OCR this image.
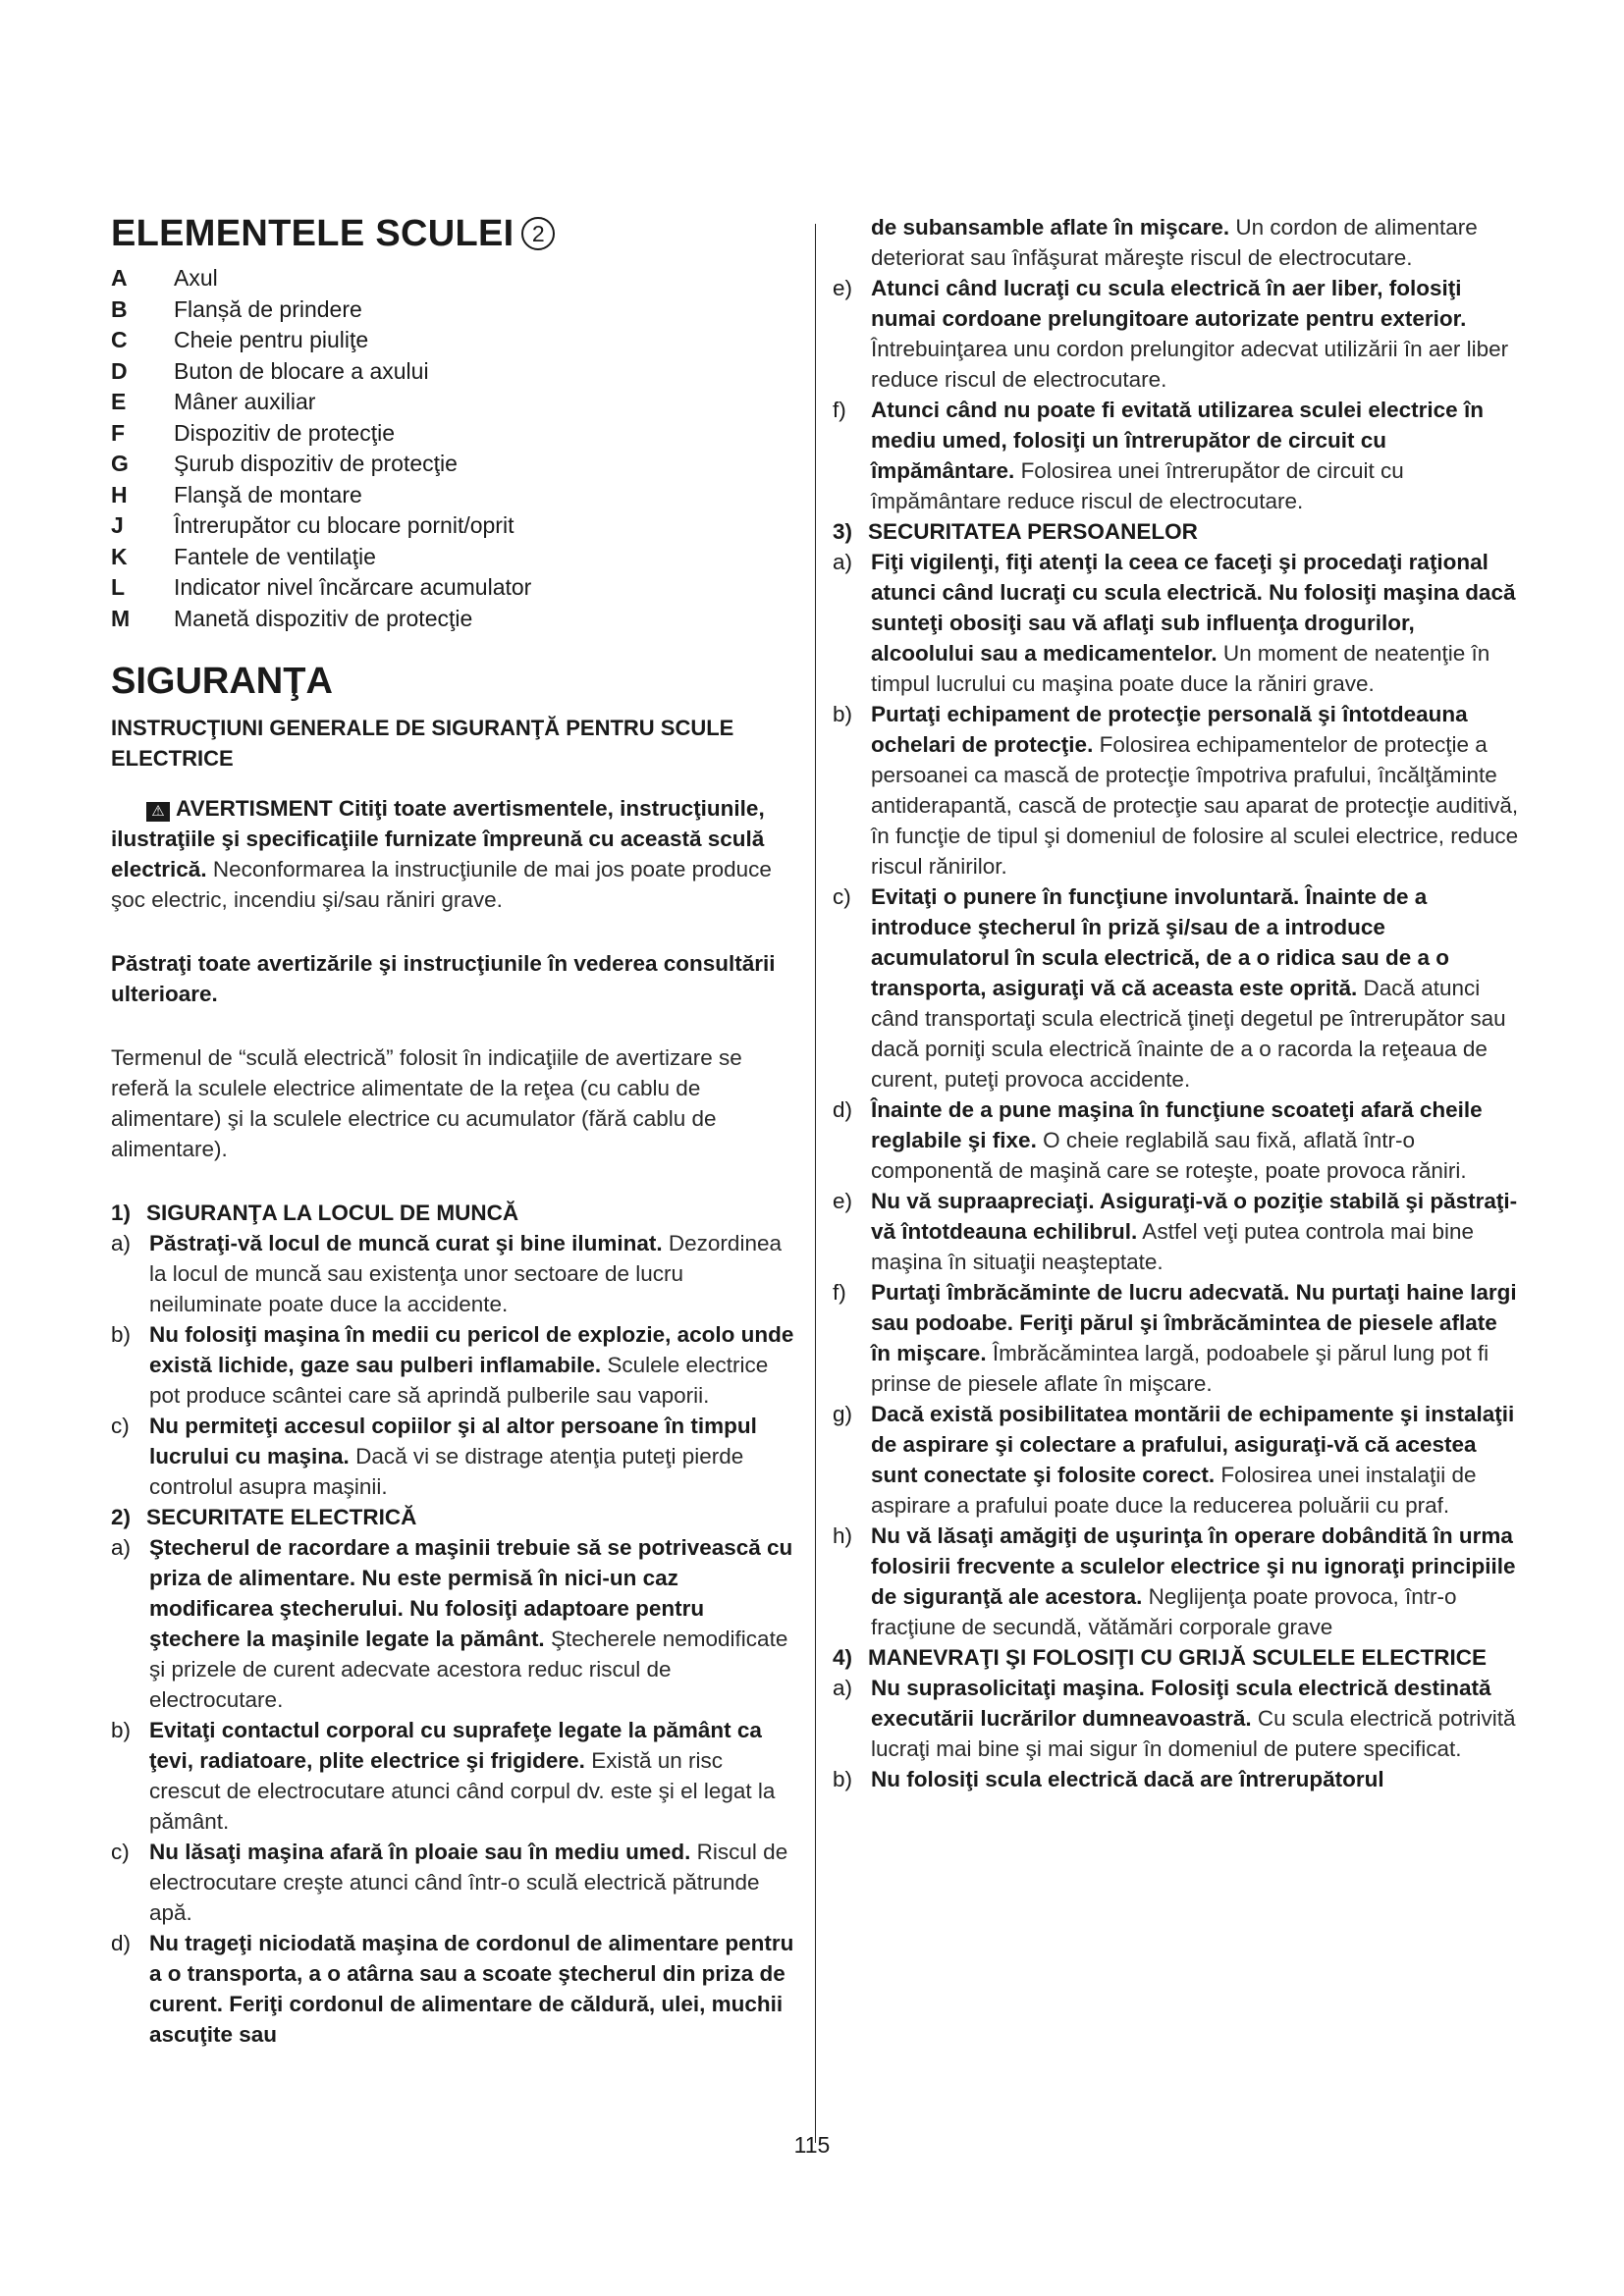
ELEMENTELE SCULEI 2
A	Axul
B	Flanșă de prindere
C	Cheie pentru piuliţe
D	Buton de blocare a axului
E	Mâner auxiliar
F	Dispozitiv de protecţie
G	Şurub dispozitiv de protecţie
H	Flanşă de montare
J	Întrerupător cu blocare pornit/oprit
K	Fantele de ventilaţie
L	Indicator nivel încărcare acumulator
M	Manetă dispozitiv de protecţie
SIGURANŢA
INSTRUCŢIUNI GENERALE DE SIGURANŢĂ PENTRU SCULE ELECTRICE

⚠ AVERTISMENT Citiţi toate avertismentele, instrucţiunile, ilustraţiile şi specificaţiile furnizate împreună cu această sculă electrică. Neconformarea la instrucţiunile de mai jos poate produce şoc electric, incendiu şi/sau răniri grave.

Păstraţi toate avertizările şi instrucţiunile în vederea consultării ulterioare.

Termenul de “sculă electrică” folosit în indicaţiile de avertizare se referă la sculele electrice alimentate de la reţea (cu cablu de alimentare) şi la sculele electrice cu acumulator (fără cablu de alimentare).

1) SIGURANŢA LA LOCUL DE MUNCĂ
a) Păstraţi-vă locul de muncă curat şi bine iluminat. Dezordinea la locul de muncă sau existenţa unor sectoare de lucru neiluminate poate duce la accidente.
b) Nu folosiţi maşina în medii cu pericol de explozie, acolo unde există lichide, gaze sau pulberi inflamabile. Sculele electrice pot produce scântei care să aprindă pulberile sau vaporii.
c) Nu permiteţi accesul copiilor şi al altor persoane în timpul lucrului cu maşina. Dacă vi se distrage atenţia puteţi pierde controlul asupra maşinii.
2) SECURITATE ELECTRICĂ
a) Ştecherul de racordare a maşinii trebuie să se potrivească cu priza de alimentare. Nu este permisă în nici-un caz modificarea ştecherului. Nu folosiţi adaptoare pentru ştechere la maşinile legate la pământ. Ştecherele nemodificate şi prizele de curent adecvate acestora reduc riscul de electrocutare.
b) Evitaţi contactul corporal cu suprafeţe legate la pământ ca ţevi, radiatoare, plite electrice şi frigidere. Există un risc crescut de electrocutare atunci când corpul dv. este şi el legat la pământ.
c) Nu lăsaţi maşina afară în ploaie sau în mediu umed. Riscul de electrocutare creşte atunci când într-o sculă electrică pătrunde apă.
d) Nu trageţi niciodată maşina de cordonul de alimentare pentru a o transporta, a o atârna sau a scoate ştecherul din priza de curent. Feriţi cordonul de alimentare de căldură, ulei, muchii ascuţite sau
de subansamble aflate în mişcare. Un cordon de alimentare deteriorat sau înfăşurat măreşte riscul de electrocutare.
e) Atunci când lucraţi cu scula electrică în aer liber, folosiţi numai cordoane prelungitoare autorizate pentru exterior. Întrebuinţarea unu cordon prelungitor adecvat utilizării în aer liber reduce riscul de electrocutare.
f)	Atunci când nu poate fi evitată utilizarea sculei electrice în mediu umed, folosiţi un întrerupător de circuit cu împământare. Folosirea unei întrerupător de circuit cu împământare reduce riscul de electrocutare.
3) SECURITATEA PERSOANELOR
a) Fiţi vigilenţi, fiţi atenţi la ceea ce faceţi şi procedaţi raţional atunci când lucraţi cu scula electrică. Nu folosiţi maşina dacă sunteţi obosiţi sau vă aflaţi sub influenţa drogurilor, alcoolului sau a medicamentelor. Un moment de neatenţie în timpul lucrului cu maşina poate duce la răniri grave.
b) Purtaţi echipament de protecţie personală şi întotdeauna ochelari de protecţie. Folosirea echipamentelor de protecţie a persoanei ca mască de protecţie împotriva prafului, încălţăminte antiderapantă, cască de protecţie sau aparat de protecţie auditivă, în funcţie de tipul şi domeniul de folosire al sculei electrice, reduce riscul rănirilor.
c) Evitaţi o punere în funcţiune involuntară. Înainte de a introduce ştecherul în priză şi/sau de a introduce acumulatorul în scula electrică, de a o ridica sau de a o transporta, asiguraţi vă că aceasta este oprită. Dacă atunci când transportaţi scula electrică ţineţi degetul pe întrerupător sau dacă porniţi scula electrică înainte de a o racorda la reţeaua de curent, puteţi provoca accidente.
d) Înainte de a pune maşina în funcţiune scoateţi afară cheile reglabile şi fixe. O cheie reglabilă sau fixă, aflată într-o componentă de maşină care se roteşte, poate provoca răniri.
e) Nu vă supraapreciaţi. Asiguraţi-vă o poziţie stabilă şi păstraţi-vă întotdeauna echilibrul. Astfel veţi putea controla mai bine maşina în situaţii neaşteptate.
f)	Purtaţi îmbrăcăminte de lucru adecvată. Nu purtaţi haine largi sau podoabe. Feriţi părul şi îmbrăcămintea de piesele aflate în mişcare. Îmbrăcămintea largă, podoabele şi părul lung pot fi prinse de piesele aflate în mişcare.
g) Dacă există posibilitatea montării de echipamente şi instalaţii de aspirare şi colectare a prafului, asiguraţi-vă că acestea sunt conectate şi folosite corect. Folosirea unei instalaţii de aspirare a prafului poate duce la reducerea poluării cu praf.
h) Nu vă lăsaţi amăgiţi de uşurinţa în operare dobândită în urma folosirii frecvente a sculelor electrice şi nu ignoraţi principiile de siguranţă ale acestora. Neglijenţa poate provoca, într-o fracţiune de secundă, vătămări corporale grave
4) MANEVRAŢI ŞI FOLOSIŢI CU GRIJĂ SCULELE ELECTRICE
a) Nu suprasolicitaţi maşina. Folosiţi scula electrică destinată executării lucrărilor dumneavoastră. Cu scula electrică potrivită lucraţi mai bine şi mai sigur în domeniul de putere specificat.
b) Nu folosiţi scula electrică dacă are întrerupătorul
115
